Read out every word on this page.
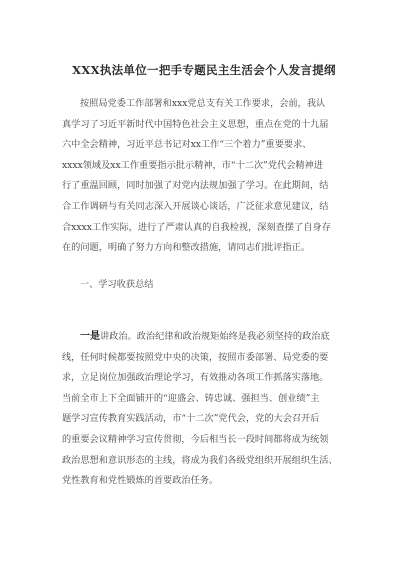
XXX执法单位一把手专题民主生活会个人发言提纲
按照局党委工作部署和xxx党总支有关工作要求，会前，我认
真学习了习近平新时代中国特色社会主义思想，重点在党的十九届
六中全会精神，习近平总书记对xx工作“三个着力”重要要求、
xxxx领域及xx工作重要指示批示精神，市“十二次”党代会精神进
行了重温回顾，同时加强了对党内法规加强了学习。在此期间，结
合工作调研与有关同志深入开展谈心谈话，广泛征求意见建议，结
合xxxx工作实际，进行了严肃认真的自我检视，深刻查摆了自身存
在的问题，明确了努力方向和整改措施，请同志们批评指正。
一、学习收获总结
一是讲政治。政治纪律和政治规矩始终是我必须坚持的政治底
线，任何时候都要按照党中央的决策，按照市委部署、局党委的要
求，立足岗位加强政治理论学习，有效推动各项工作抓落实落地。
当前全市上下全面铺开的“迎盛会、铸忠诚、强担当、创业绩”主
题学习宣传教育实践活动，市“十二次”党代会，党的大会召开后
的重要会议精神学习宣传贯彻，今后相当长一段时间都将成为统领
政治思想和意识形态的主线，将成为我们各级党组织开展组织生活、
党性教育和党性锻炼的首要政治任务。
